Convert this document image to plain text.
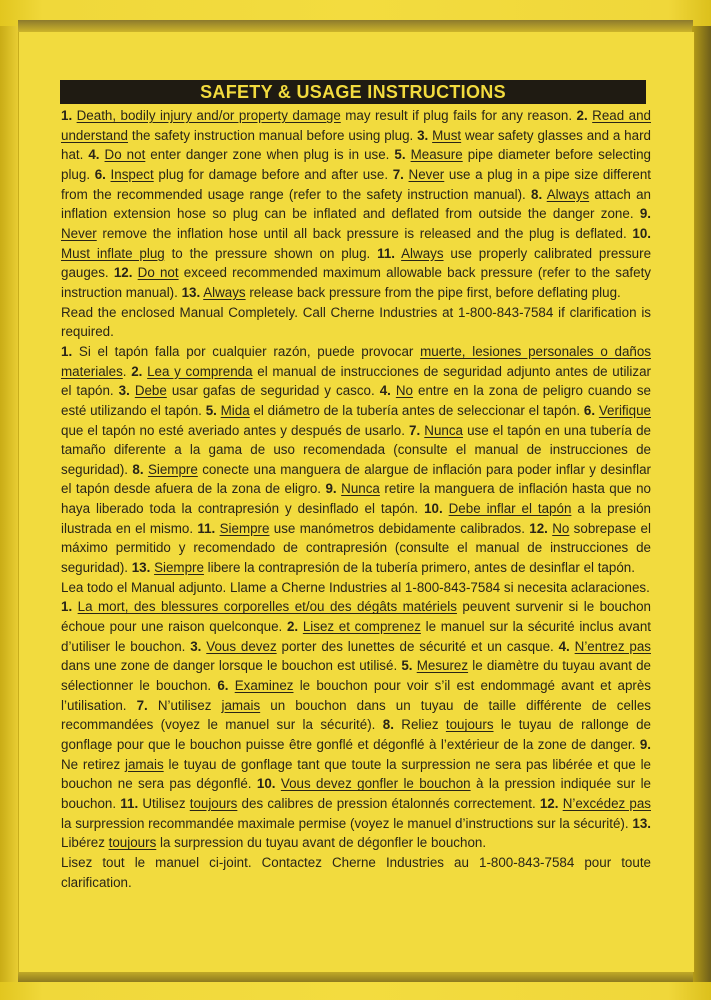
SAFETY & USAGE INSTRUCTIONS

1. Death, bodily injury and/or property damage may result if plug fails for any reason. 2. Read and understand the safety instruction manual before using plug. 3. Must wear safety glasses and a hard hat. 4. Do not enter danger zone when plug is in use. 5. Measure pipe diameter before selecting plug. 6. Inspect plug for damage before and after use. 7. Never use a plug in a pipe size different from the recommended usage range (refer to the safety instruction manual). 8. Always attach an inflation extension hose so plug can be inflated and deflated from outside the danger zone. 9. Never remove the inflation hose until all back pressure is released and the plug is deflated. 10. Must inflate plug to the pressure shown on plug. 11. Always use properly calibrated pressure gauges. 12. Do not exceed recommended maximum allowable back pressure (refer to the safety instruction manual). 13. Always release back pressure from the pipe first, before deflating plug.

Read the enclosed Manual Completely. Call Cherne Industries at 1-800-843-7584 if clarification is required.

1. Si el tapón falla por cualquier razón, puede provocar muerte, lesiones personales o daños materiales. 2. Lea y comprenda el manual de instrucciones de seguridad adjunto antes de utilizar el tapón. 3. Debe usar gafas de seguridad y casco. 4. No entre en la zona de peligro cuando se esté utilizando el tapón. 5. Mida el diámetro de la tubería antes de seleccionar el tapón. 6. Verifique que el tapón no esté averiado antes y después de usarlo. 7. Nunca use el tapón en una tubería de tamaño diferente a la gama de uso recomendada (consulte el manual de instrucciones de seguridad). 8. Siempre conecte una manguera de alargue de inflación para poder inflar y desinflar el tapón desde afuera de la zona de eligro. 9. Nunca retire la manguera de inflación hasta que no haya liberado toda la contrapresión y desinflado el tapón. 10. Debe inflar el tapón a la presión ilustrada en el mismo. 11. Siempre use manómetros debidamente calibrados. 12. No sobrepase el máximo permitido y recomendado de contrapresión (consulte el manual de instrucciones de seguridad). 13. Siempre libere la contrapresión de la tubería primero, antes de desinflar el tapón.

Lea todo el Manual adjunto. Llame a Cherne Industries al 1-800-843-7584 si necesita aclaraciones.

1. La mort, des blessures corporelles et/ou des dégâts matériels peuvent survenir si le bouchon échoue pour une raison quelconque. 2. Lisez et comprenez le manuel sur la sécurité inclus avant d’utiliser le bouchon. 3. Vous devez porter des lunettes de sécurité et un casque. 4. N’entrez pas dans une zone de danger lorsque le bouchon est utilisé. 5. Mesurez le diamètre du tuyau avant de sélectionner le bouchon. 6. Examinez le bouchon pour voir s’il est endommagé avant et après l’utilisation. 7. N’utilisez jamais un bouchon dans un tuyau de taille différente de celles recommandées (voyez le manuel sur la sécurité). 8. Reliez toujours le tuyau de rallonge de gonflage pour que le bouchon puisse être gonflé et dégonflé à l’extérieur de la zone de danger. 9. Ne retirez jamais le tuyau de gonflage tant que toute la surpression ne sera pas libérée et que le bouchon ne sera pas dégonflé. 10. Vous devez gonfler le bouchon à la pression indiquée sur le bouchon. 11. Utilisez toujours des calibres de pression étalonnés correctement. 12. N’excédez pas la surpression recommandée maximale permise (voyez le manuel d’instructions sur la sécurité). 13. Libérez toujours la surpression du tuyau avant de dégonfler le bouchon.

Lisez tout le manuel ci-joint. Contactez Cherne Industries au 1-800-843-7584 pour toute clarification.
